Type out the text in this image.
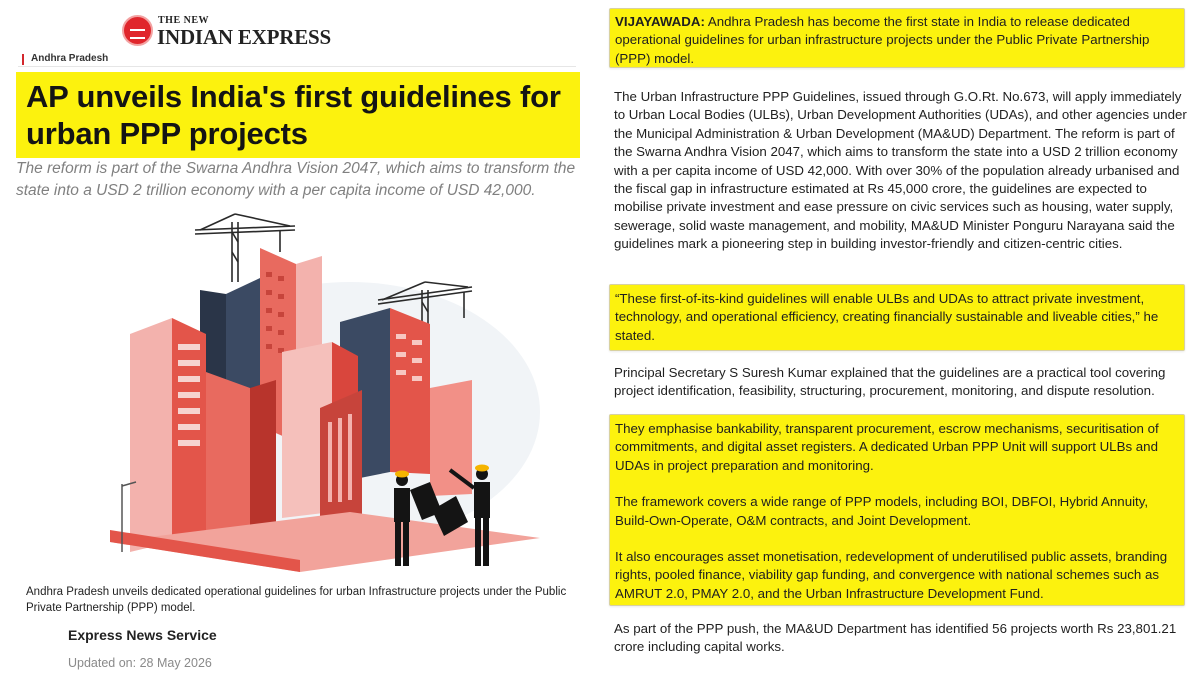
THE NEW
INDIAN EXPRESS
Andhra Pradesh
AP unveils India's first guidelines for urban PPP projects

The reform is part of the Swarna Andhra Vision 2047, which aims to transform the state into a USD 2 trillion economy with a per capita income of USD 42,000.

Andhra Pradesh unveils dedicated operational guidelines for urban Infrastructure projects under the Public Private Partnership (PPP) model.

Express News Service
Updated on: 28 May 2026

VIJAYAWADA: Andhra Pradesh has become the first state in India to release dedicated operational guidelines for urban infrastructure projects under the Public Private Partnership (PPP) model.

The Urban Infrastructure PPP Guidelines, issued through G.O.Rt. No.673, will apply immediately to Urban Local Bodies (ULBs), Urban Development Authorities (UDAs), and other agencies under the Municipal Administration & Urban Development (MA&UD) Department. The reform is part of the Swarna Andhra Vision 2047, which aims to transform the state into a USD 2 trillion economy with a per capita income of USD 42,000. With over 30% of the population already urbanised and the fiscal gap in infrastructure estimated at Rs 45,000 crore, the guidelines are expected to mobilise private investment and ease pressure on civic services such as housing, water supply, sewerage, solid waste management, and mobility, MA&UD Minister Ponguru Narayana said the guidelines mark a pioneering step in building investor-friendly and citizen-centric cities.

“These first-of-its-kind guidelines will enable ULBs and UDAs to attract private investment, technology, and operational efficiency, creating financially sustainable and liveable cities,” he stated.

Principal Secretary S Suresh Kumar explained that the guidelines are a practical tool covering project identification, feasibility, structuring, procurement, monitoring, and dispute resolution.

They emphasise bankability, transparent procurement, escrow mechanisms, securitisation of commitments, and digital asset registers. A dedicated Urban PPP Unit will support ULBs and UDAs in project preparation and monitoring.

The framework covers a wide range of PPP models, including BOI, DBFOI, Hybrid Annuity, Build-Own-Operate, O&M contracts, and Joint Development.

It also encourages asset monetisation, redevelopment of underutilised public assets, branding rights, pooled finance, viability gap funding, and convergence with national schemes such as AMRUT 2.0, PMAY 2.0, and the Urban Infrastructure Development Fund.

As part of the PPP push, the MA&UD Department has identified 56 projects worth Rs 23,801.21 crore including capital works.
